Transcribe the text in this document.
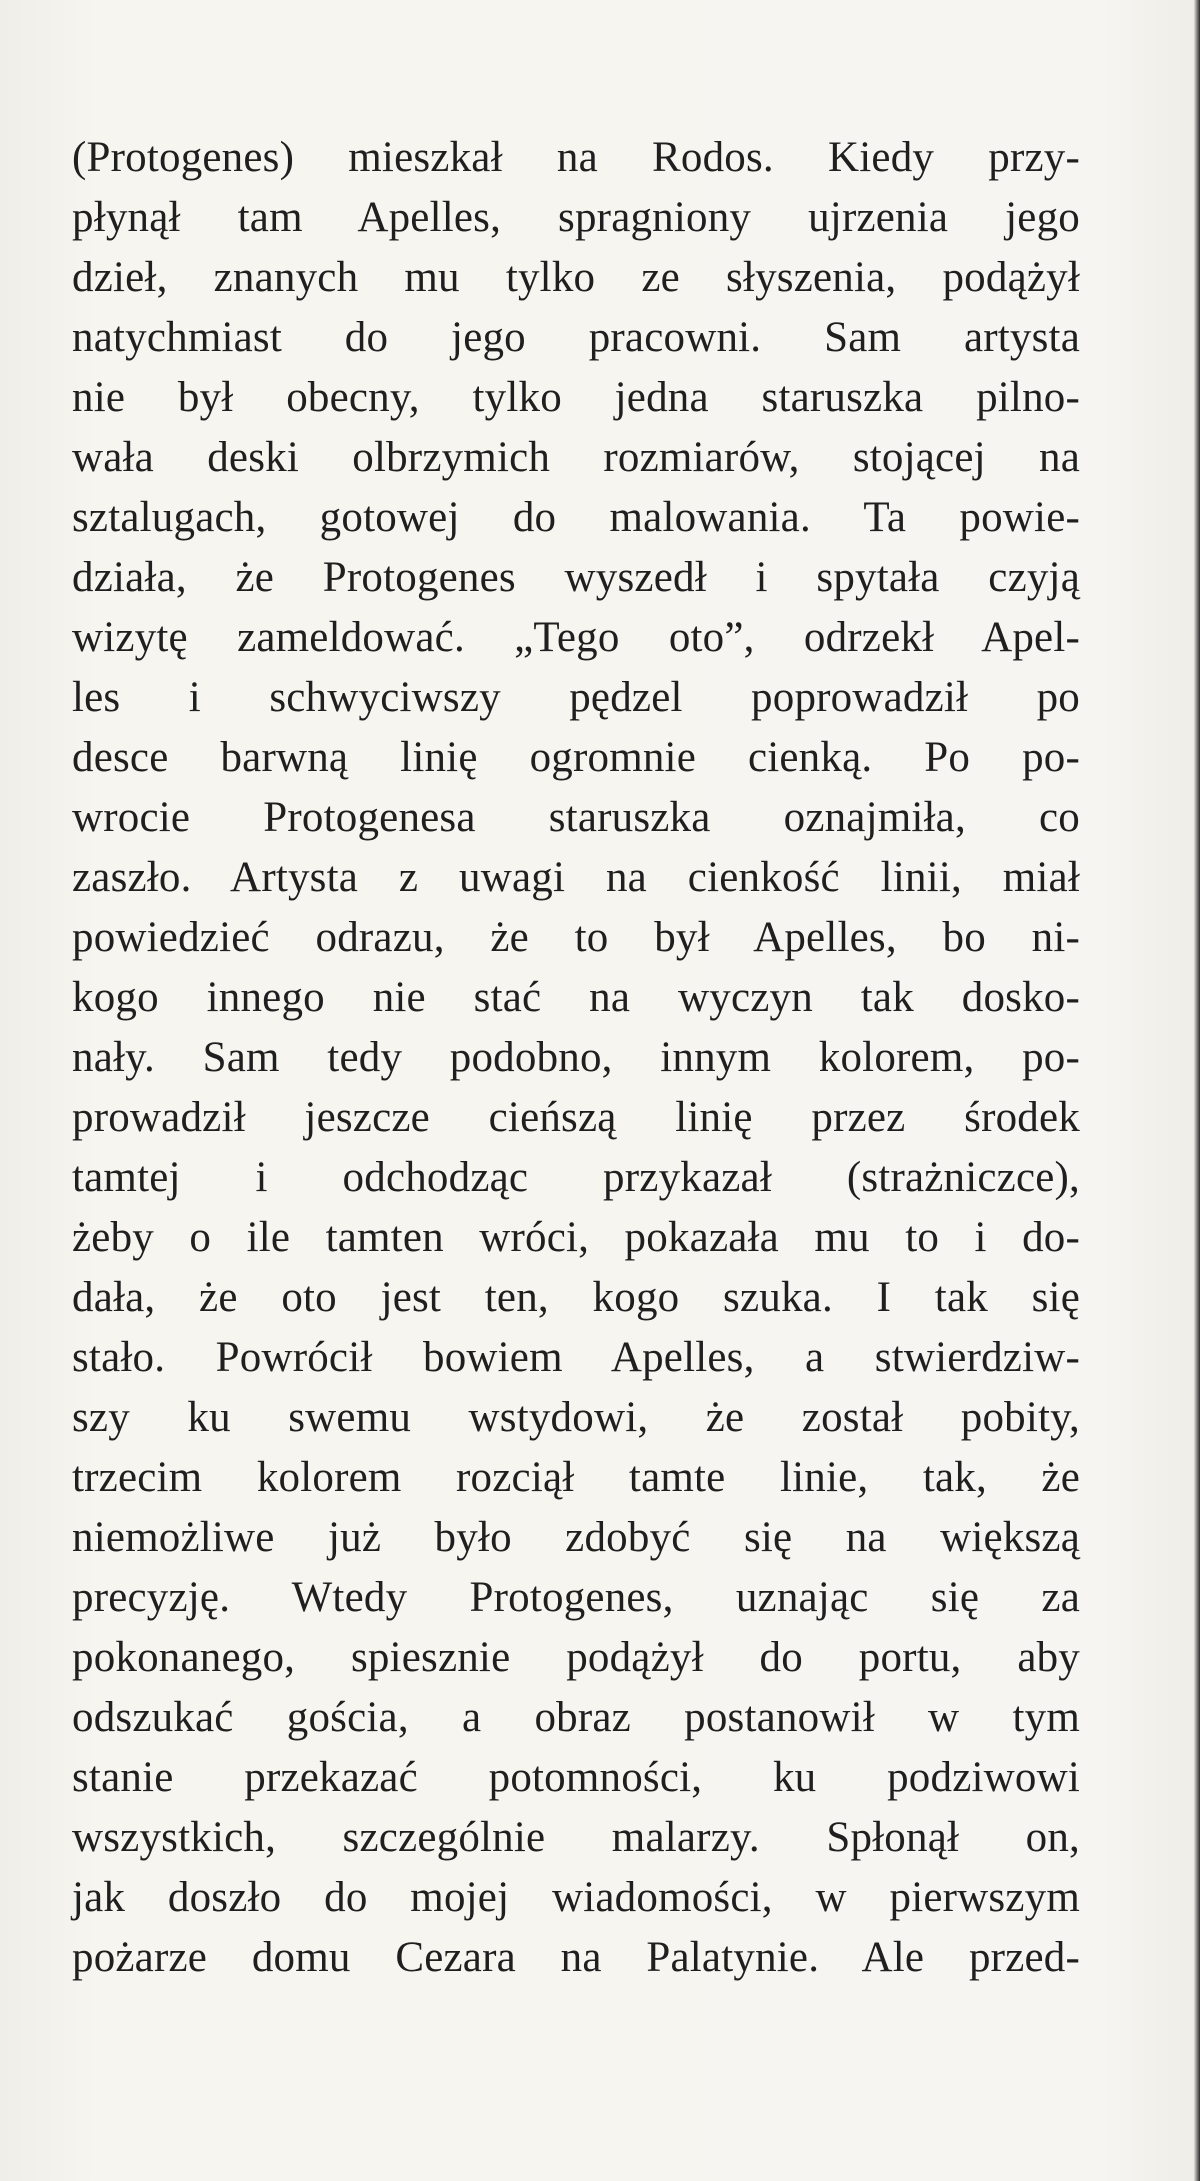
(Protogenes) mieszkał na Rodos. Kiedy przy-
płynął tam Apelles, spragniony ujrzenia jego
dzieł, znanych mu tylko ze słyszenia, podążył
natychmiast do jego pracowni. Sam artysta
nie był obecny, tylko jedna staruszka pilno-
wała deski olbrzymich rozmiarów, stojącej na
sztalugach, gotowej do malowania. Ta powie-
działa, że Protogenes wyszedł i spytała czyją
wizytę zameldować. „Tego oto”, odrzekł Apel-
les i schwyciwszy pędzel poprowadził po
desce barwną linię ogromnie cienką. Po po-
wrocie Protogenesa staruszka oznajmiła, co
zaszło. Artysta z uwagi na cienkość linii, miał
powiedzieć odrazu, że to był Apelles, bo ni-
kogo innego nie stać na wyczyn tak dosko-
nały. Sam tedy podobno, innym kolorem, po-
prowadził jeszcze cieńszą linię przez środek
tamtej i odchodząc przykazał (strażniczce),
żeby o ile tamten wróci, pokazała mu to i do-
dała, że oto jest ten, kogo szuka. I tak się
stało. Powrócił bowiem Apelles, a stwierdziw-
szy ku swemu wstydowi, że został pobity,
trzecim kolorem rozciął tamte linie, tak, że
niemożliwe już było zdobyć się na większą
precyzję. Wtedy Protogenes, uznając się za
pokonanego, spiesznie podążył do portu, aby
odszukać gościa, a obraz postanowił w tym
stanie przekazać potomności, ku podziwowi
wszystkich, szczególnie malarzy. Spłonął on,
jak doszło do mojej wiadomości, w pierwszym
pożarze domu Cezara na Palatynie. Ale przed-
